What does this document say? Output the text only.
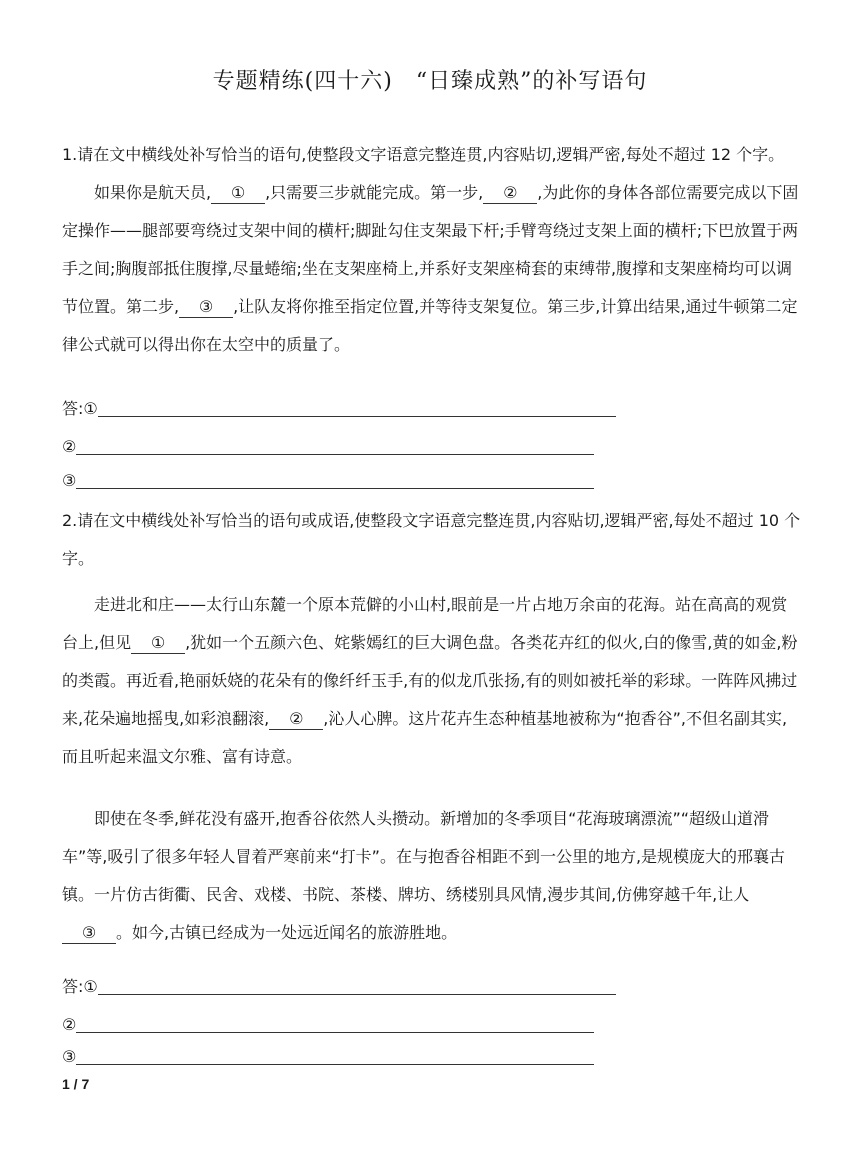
专题精练(四十六)　“日臻成熟”的补写语句

1.请在文中横线处补写恰当的语句,使整段文字语意完整连贯,内容贴切,逻辑严密,每处不超过 12 个字。

如果你是航天员, ① ,只需要三步就能完成。第一步, ② ,为此你的身体各部位需要完成以下固定操作——腿部要弯绕过支架中间的横杆;脚趾勾住支架最下杆;手臂弯绕过支架上面的横杆;下巴放置于两手之间;胸腹部抵住腹撑,尽量蜷缩;坐在支架座椅上,并系好支架座椅套的束缚带,腹撑和支架座椅均可以调节位置。第二步, ③ ,让队友将你推至指定位置,并等待支架复位。第三步,计算出结果,通过牛顿第二定律公式就可以得出你在太空中的质量了。

答:①
②
③

2.请在文中横线处补写恰当的语句或成语,使整段文字语意完整连贯,内容贴切,逻辑严密,每处不超过 10 个字。

走进北和庄——太行山东麓一个原本荒僻的小山村,眼前是一片占地万余亩的花海。站在高高的观赏台上,但见 ① ,犹如一个五颜六色、姹紫嫣红的巨大调色盘。各类花卉红的似火,白的像雪,黄的如金,粉的类霞。再近看,艳丽妖娆的花朵有的像纤纤玉手,有的似龙爪张扬,有的则如被托举的彩球。一阵阵风拂过来,花朵遍地摇曳,如彩浪翻滚, ② ,沁人心脾。这片花卉生态种植基地被称为“抱香谷”,不但名副其实,而且听起来温文尔雅、富有诗意。

即使在冬季,鲜花没有盛开,抱香谷依然人头攒动。新增加的冬季项目“花海玻璃漂流”“超级山道滑车”等,吸引了很多年轻人冒着严寒前来“打卡”。在与抱香谷相距不到一公里的地方,是规模庞大的邢襄古镇。一片仿古街衢、民舍、戏楼、书院、茶楼、牌坊、绣楼别具风情,漫步其间,仿佛穿越千年,让人③ 。如今,古镇已经成为一处远近闻名的旅游胜地。

答:①
②
③
1 / 7
